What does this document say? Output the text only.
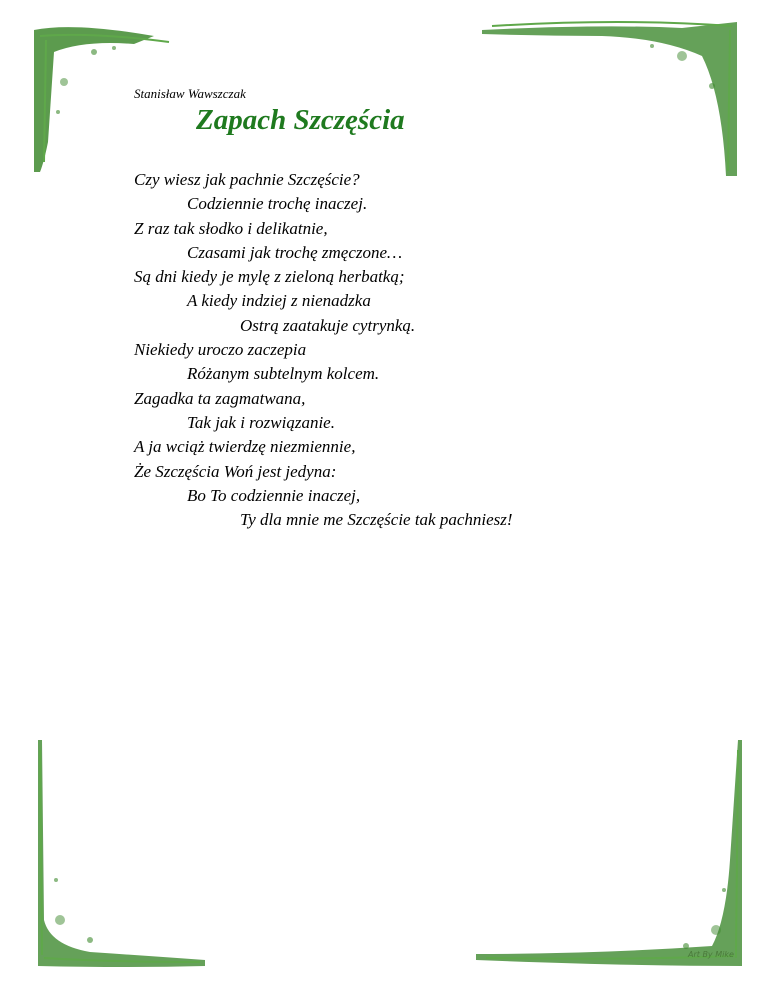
Stanisław Wawszczak
Zapach Szczęścia
Czy wiesz jak pachnie Szczęście?
Codziennie trochę inaczej.
Z raz tak słodko i delikatnie,
Czasami jak trochę zmęczone…
Są dni kiedy je mylę z zieloną herbatką;
A kiedy indziej z nienadzka
Ostrą zaatakuje cytrynką.
Niekiedy uroczo zaczepia
Różanym subtelnym kolcem.
Zagadka ta zagmatwana,
Tak jak i rozwiązanie.
A ja wciąż twierdzę niezmiennie,
Że Szczęścia Woń jest jedyna:
Bo To codziennie inaczej,
Ty dla mnie me Szczęście tak pachniesz!
Art By Mike
